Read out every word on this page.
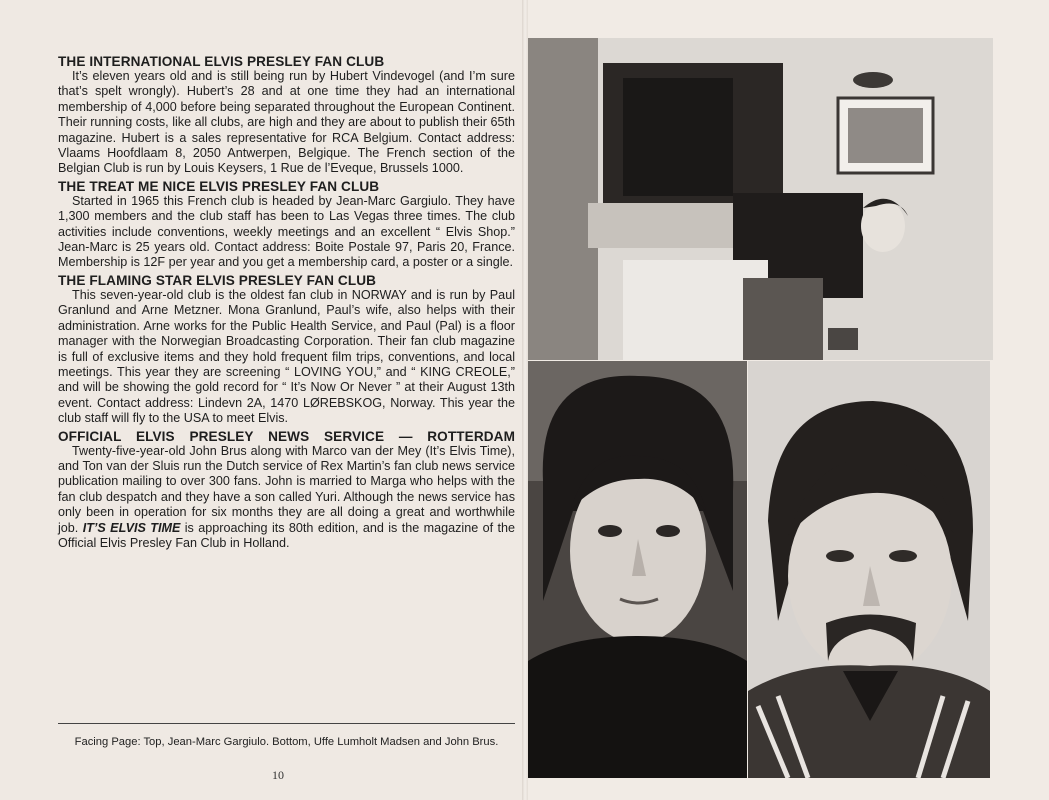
THE INTERNATIONAL ELVIS PRESLEY FAN CLUB

It’s eleven years old and is still being run by Hubert Vindevogel (and I’m sure that’s spelt wrongly). Hubert’s 28 and at one time they had an international membership of 4,000 before being separated throughout the European Continent. Their running costs, like all clubs, are high and they are about to publish their 65th magazine. Hubert is a sales representative for RCA Belgium. Contact address: Vlaams Hoofdlaam 8, 2050 Antwerpen, Belgique. The French section of the Belgian Club is run by Louis Keysers, 1 Rue de l’Eveque, Brussels 1000.

THE TREAT ME NICE ELVIS PRESLEY FAN CLUB

Started in 1965 this French club is headed by Jean-Marc Gargiulo. They have 1,300 members and the club staff has been to Las Vegas three times. The club activities include conventions, weekly meetings and an excellent “ Elvis Shop.” Jean-Marc is 25 years old. Contact address: Boite Postale 97, Paris 20, France. Membership is 12F per year and you get a membership card, a poster or a single.

THE FLAMING STAR ELVIS PRESLEY FAN CLUB

This seven-year-old club is the oldest fan club in NORWAY and is run by Paul Granlund and Arne Metzner. Mona Granlund, Paul’s wife, also helps with their administration. Arne works for the Public Health Service, and Paul (Pal) is a floor manager with the Norwegian Broadcasting Corporation. Their fan club magazine is full of exclusive items and they hold frequent film trips, conventions, and local meetings. This year they are screening “ LOVING YOU,” and “ KING CREOLE,” and will be showing the gold record for “ It’s Now Or Never ” at their August 13th event. Contact address: Lindevn 2A, 1470 LØREBSKOG, Norway. This year the club staff will fly to the USA to meet Elvis.

OFFICIAL ELVIS PRESLEY NEWS SERVICE — ROTTERDAM

Twenty-five-year-old John Brus along with Marco van der Mey (It’s Elvis Time), and Ton van der Sluis run the Dutch service of Rex Martin’s fan club news service publication mailing to over 300 fans. John is married to Marga who helps with the fan club despatch and they have a son called Yuri. Although the news service has only been in operation for six months they are all doing a great and worthwhile job. IT’S ELVIS TIME is approaching its 80th edition, and is the magazine of the Official Elvis Presley Fan Club in Holland.

Facing Page: Top, Jean-Marc Gargiulo. Bottom, Uffe Lumholt Madsen and John Brus.
10
